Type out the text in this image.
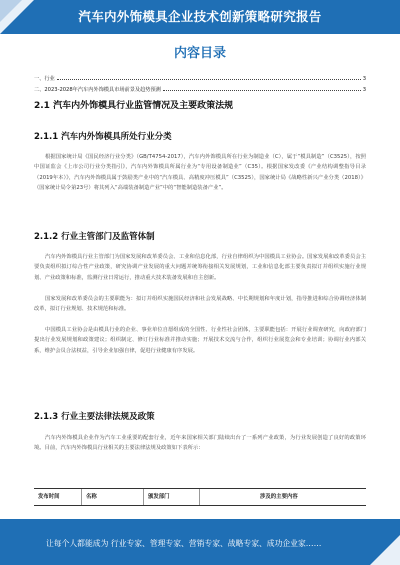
汽车内外饰模具企业技术创新策略研究报告
内容目录
一、行业	3
二、2023-2028年汽车内外饰模具市场前景及趋势预测	3
2.1 汽车内外饰模具行业监管情况及主要政策法规
2.1.1 汽车内外饰模具所处行业分类
根据国家统计局《国民经济行业分类》（GB/T4754-2017），汽车内外饰模具所在行业为制造业（C），属于“模具制造”（C3525），按照中国证监会《上市公司行业分类指引》，汽车内外饰模具所属行业为“专用设备制造业”（C35）。根据国家发改委《产业结构调整指导目录（2019年本）》，汽车内外饰模具属于鼓励类产业中的“汽车模具、高精度冲压模具”（C3525），国家统计局《战略性新兴产业分类（2018）》（国家统计局令第23号）将其列入“高端装备制造产业”中的“智能制造装备产业”。
2.1.2 行业主管部门及监管体制
汽车内外饰模具行业主管部门为国家发展和改革委员会、工业和信息化部，行业自律组织为中国模具工业协会。国家发展和改革委员会主要负责组织拟订综合性产业政策，研究协调产业发展的重大问题并统筹衔接相关发展规划，工业和信息化部主要负责拟订并组织实施行业规划、产业政策和标准，监测行业日常运行，推动重大技术装备发展和自主创新。
国家发展和改革委员会的主要职能为：拟订并组织实施国民经济和社会发展战略、中长期规划和年度计划，指导推进和综合协调经济体制改革，拟订行业规划、技术规范和标准。
中国模具工业协会是由模具行业的企业、事业单位自愿组成的全国性、行业性社会团体，主要职能包括：开展行业调查研究，向政府部门提出行业发展规划和政策建议；组织制定、修订行业标准并推动实施；开展技术交流与合作，组织行业展览会和专业培训；协调行业内部关系，维护会员合法权益，引导企业加强自律，促进行业健康有序发展。
2.1.3 行业主要法律法规及政策
汽车内外饰模具企业作为汽车工业重要的配套行业，近年来国家相关部门陆续出台了一系列产业政策，为行业发展创造了良好的政策环境。目前，汽车内外饰模具行业相关的主要法律法规及政策如下表所示：
发布时间	名称	颁发部门	涉及的主要内容
让每个人都能成为 行业专家、管理专家、营销专家、战略专家、成功企业家……
